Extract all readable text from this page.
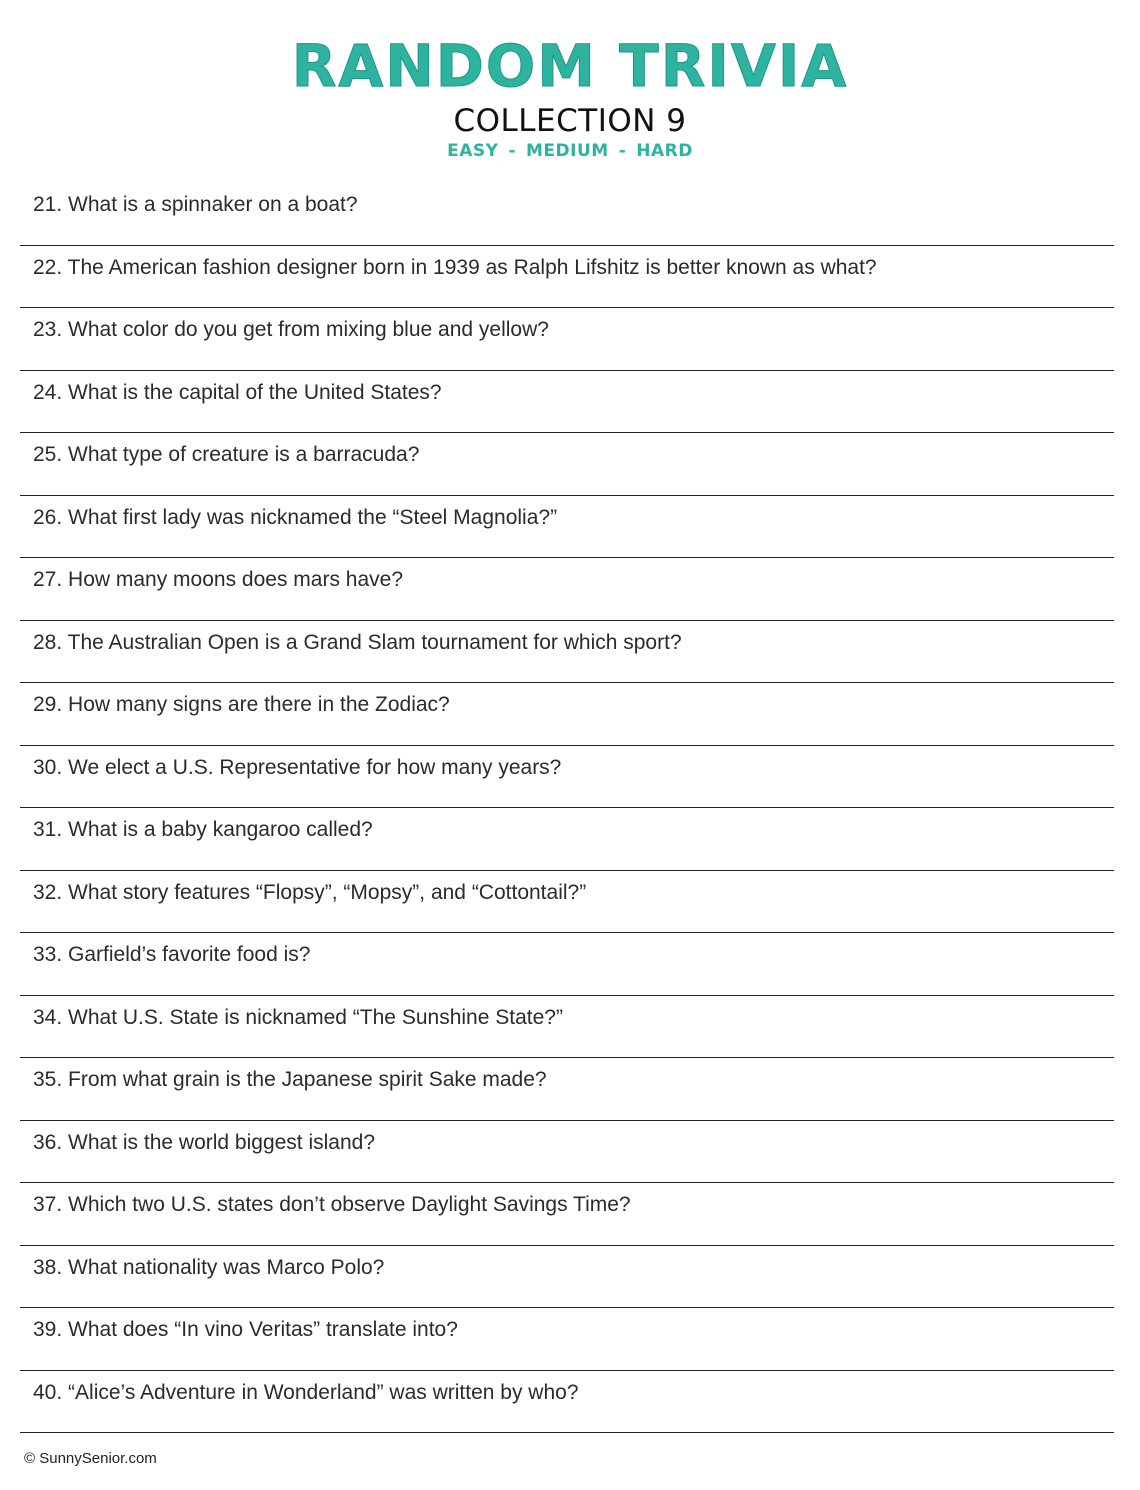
RANDOM TRIVIA
COLLECTION 9
EASY - MEDIUM - HARD
21. What is a spinnaker on a boat?
22. The American fashion designer born in 1939 as Ralph Lifshitz is better known as what?
23. What color do you get from mixing blue and yellow?
24. What is the capital of the United States?
25. What type of creature is a barracuda?
26. What first lady was nicknamed the “Steel Magnolia?”
27. How many moons does mars have?
28. The Australian Open is a Grand Slam tournament for which sport?
29. How many signs are there in the Zodiac?
30. We elect a U.S. Representative for how many years?
31. What is a baby kangaroo called?
32. What story features “Flopsy”, “Mopsy”, and “Cottontail?”
33. Garfield’s favorite food is?
34. What U.S. State is nicknamed “The Sunshine State?”
35. From what grain is the Japanese spirit Sake made?
36. What is the world biggest island?
37. Which two U.S. states don’t observe Daylight Savings Time?
38. What nationality was Marco Polo?
39. What does “In vino Veritas” translate into?
40. “Alice’s Adventure in Wonderland” was written by who?
© SunnySenior.com
